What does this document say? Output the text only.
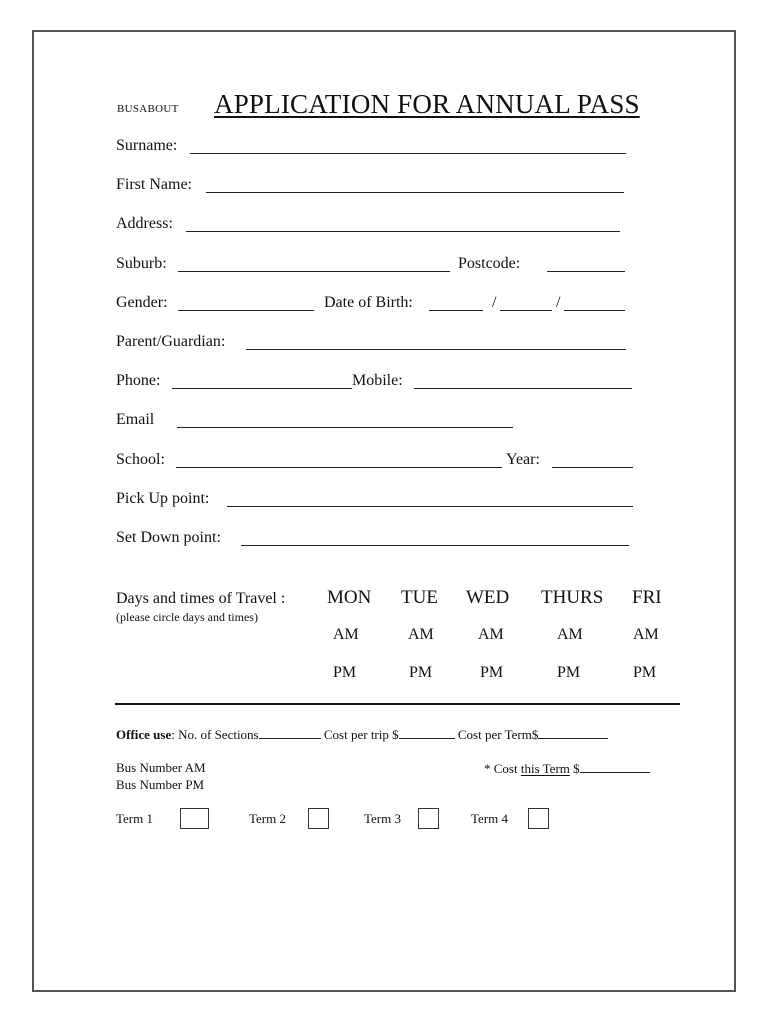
BUSABOUT APPLICATION FOR ANNUAL PASS
Surname:
First Name:
Address:
Suburb:	Postcode:
Gender:	Date of Birth:	/	/
Parent/Guardian:
Phone:	Mobile:
Email
School:	Year:
Pick Up point:
Set Down point:
Days and times of Travel :
(please circle days and times)
MON TUE WED THURS FRI
AM	AM	AM	AM	AM
PM	PM	PM	PM	PM
Office use: No. of Sections	Cost per trip $	Cost per Term$
Bus Number AM
Bus Number PM
* Cost this Term $
Term 1	Term 2	Term 3	Term 4
